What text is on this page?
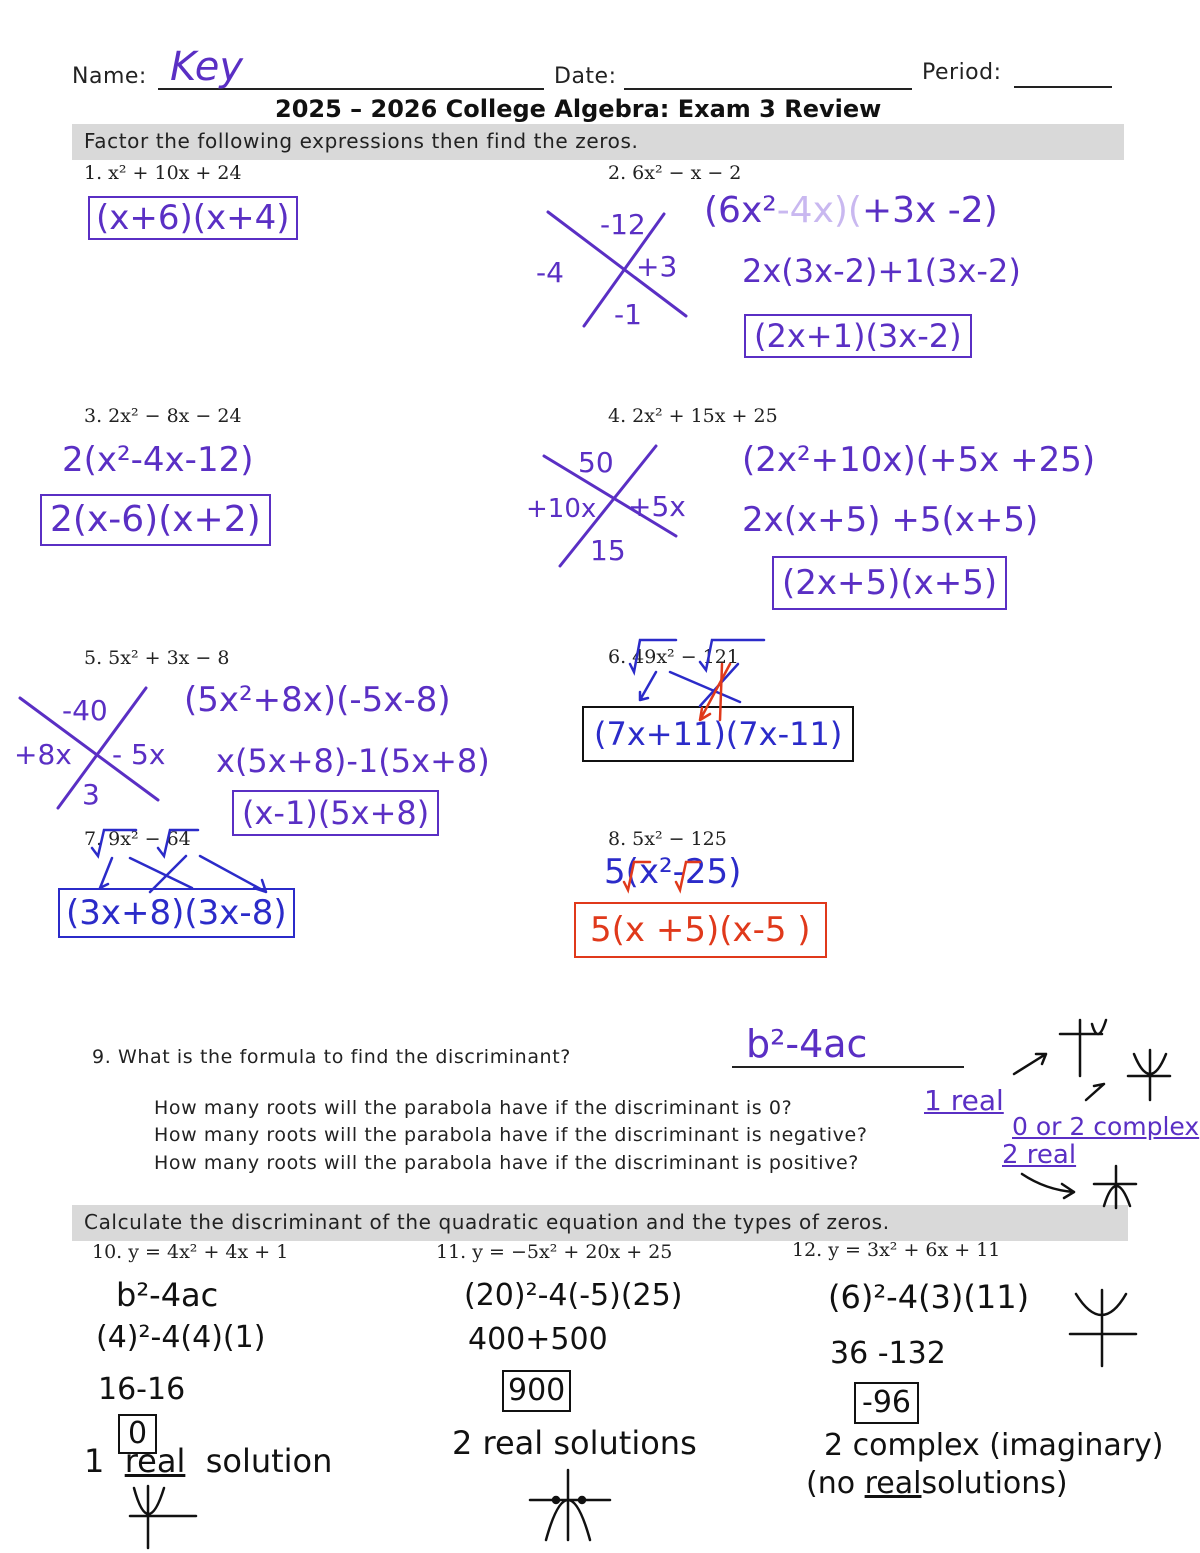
Name: Key	Date:	Period:
2025 – 2026 College Algebra: Exam 3 Review
Factor the following expressions then find the zeros.
1. x² + 10x + 24
(x+6)(x+4)
2. 6x² − x − 2
-12
-4	+3
-1
(6x²-4x)(+3x -2)
2x(3x-2)+1(3x-2)
(2x+1)(3x-2)
3. 2x² − 8x − 24
2(x²-4x-12)
2(x-6)(x+2)
4. 2x² + 15x + 25
50
+10x +5x
15
(2x²+10x)(+5x +25)
2x(x+5) +5(x+5)
(2x+5)(x+5)
5. 5x² + 3x − 8
-40
+8x - 5x
3
(5x²+8x)(-5x-8)
x(5x+8)-1(5x+8)
(x-1)(5x+8)
6. 49x² − 121
(7x+11)(7x-11)
7. 9x² − 64
(3x+8)(3x-8)
8. 5x² − 125
5(x²-25)
5(x +5)(x-5 )
9. What is the formula to find the discriminant?	b²-4ac
How many roots will the parabola have if the discriminant is 0?	1 real
How many roots will the parabola have if the discriminant is negative?	0 or 2 complex
How many roots will the parabola have if the discriminant is positive?	2 real
Calculate the discriminant of the quadratic equation and the types of zeros.
10. y = 4x² + 4x + 1
b²-4ac
(4)²-4(4)(1)
16-16
0
1 real solution
11. y = −5x² + 20x + 25
(20)²-4(-5)(25)
400+500
900
2 real solutions
12. y = 3x² + 6x + 11
(6)²-4(3)(11)
36 -132
-96
2 complex (imaginary)
(no realsolutions)
